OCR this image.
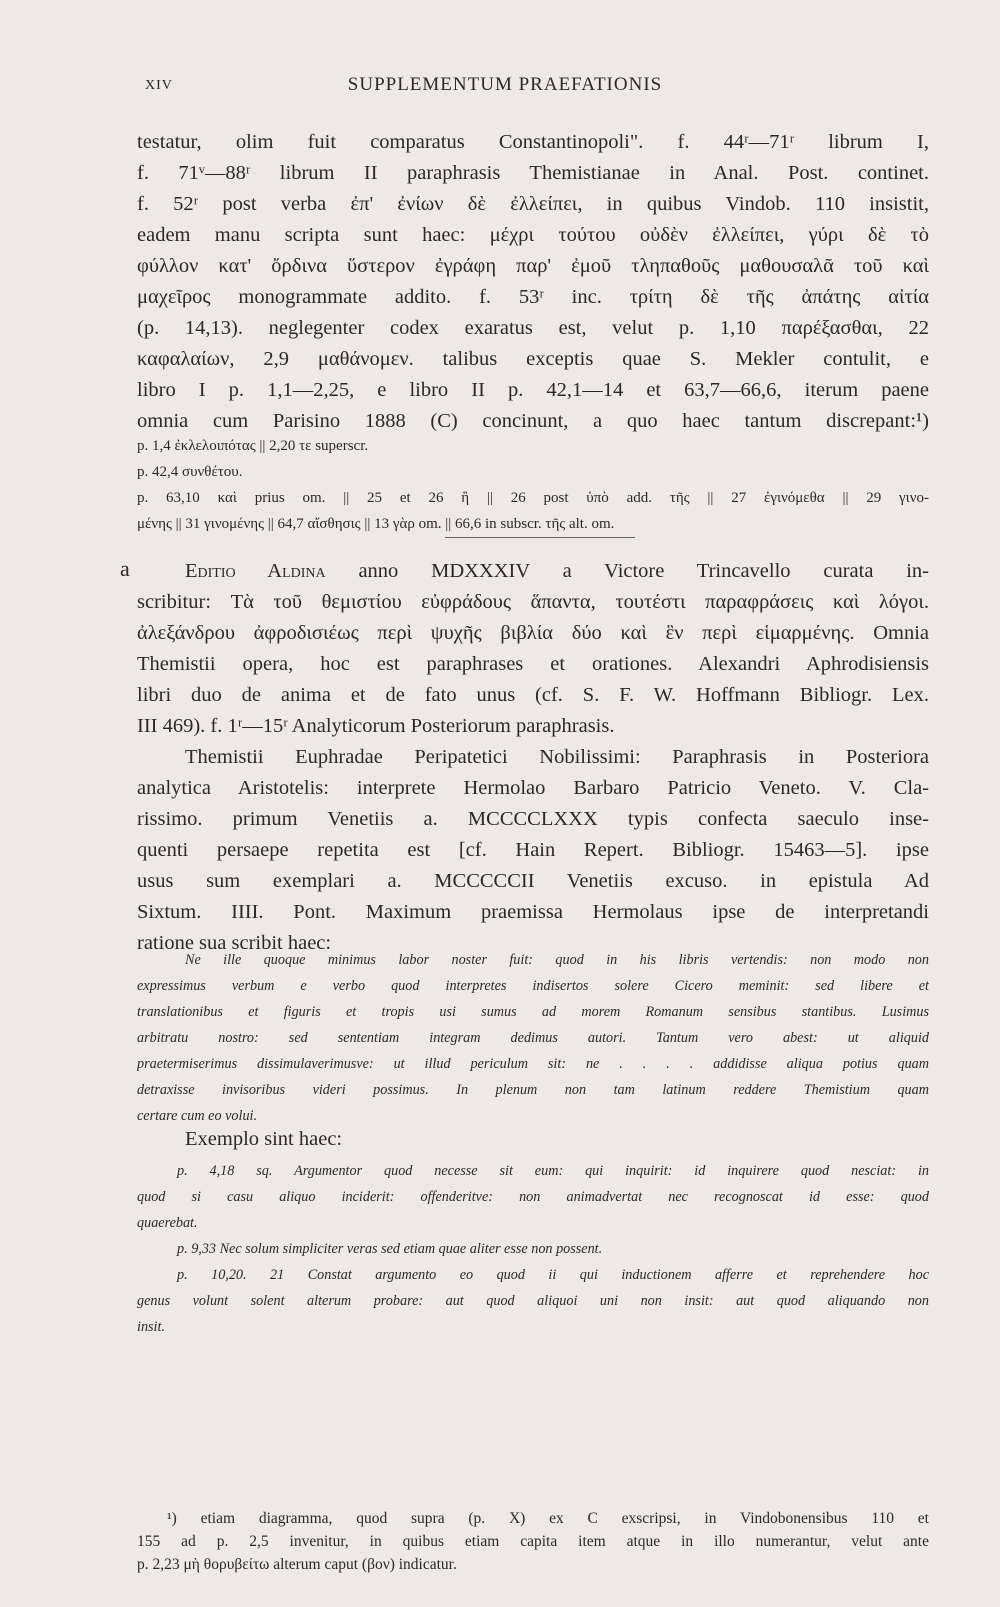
XIV	SUPPLEMENTUM PRAEFATIONIS
testatur, olim fuit comparatus Constantinopoli". f. 44ʳ—71ʳ librum I,
f. 71ᵛ—88ʳ librum II paraphrasis Themistianae in Anal. Post. continet.
f. 52ʳ post verba ἐπ' ἐνίων δὲ ἐλλείπει, in quibus Vindob. 110 insistit,
eadem manu scripta sunt haec: μέχρι τούτου οὐδὲν ἐλλείπει, γύρι δὲ τὸ
φύλλον κατ' ὄρδινα ὕστερον ἐγράφη παρ' ἐμοῦ τληπαθοῦς μαθουσαλᾶ τοῦ καὶ
μαχεῖρος monogrammate addito. f. 53ʳ inc. τρίτη δὲ τῆς ἀπάτης αἰτία
(p. 14,13). neglegenter codex exaratus est, velut p. 1,10 παρέξασθαι, 22
καφαλαίων, 2,9 μαθάνομεν. talibus exceptis quae S. Mekler contulit, e
libro I p. 1,1—2,25, e libro II p. 42,1—14 et 63,7—66,6, iterum paene
omnia cum Parisino 1888 (C) concinunt, a quo haec tantum discrepant:¹)
p. 1,4 ἐκλελοιπότας || 2,20 τε superscr.
p. 42,4 συνθέτου.
p. 63,10 καὶ prius om. || 25 et 26 ἢ || 26 post ὑπὸ add. τῆς || 27 ἐγινόμεθα || 29 γινο-
μένης || 31 γινομένης || 64,7 αἴσθησις || 13 γὰρ om. || 66,6 in subscr. τῆς alt. om.
a	Editio Aldina anno MDXXXIV a Victore Trincavello curata in-
scribitur: Τὰ τοῦ θεμιστίου εὐφράδους ἅπαντα, τουτέστι παραφράσεις καὶ λόγοι.
ἀλεξάνδρου ἀφροδισιέως περὶ ψυχῆς βιβλία δύο καὶ ἓν περὶ εἱμαρμένης. Omnia
Themistii opera, hoc est paraphrases et orationes. Alexandri Aphrodisiensis
libri duo de anima et de fato unus (cf. S. F. W. Hoffmann Bibliogr. Lex.
III 469). f. 1ʳ—15ʳ Analyticorum Posteriorum paraphrasis.
Themistii Euphradae Peripatetici Nobilissimi: Paraphrasis in Posteriora
analytica Aristotelis: interprete Hermolao Barbaro Patricio Veneto. V. Cla-
rissimo. primum Venetiis a. MCCCCLXXX typis confecta saeculo inse-
quenti persaepe repetita est [cf. Hain Repert. Bibliogr. 15463—5]. ipse
usus sum exemplari a. MCCCCCII Venetiis excuso. in epistula Ad
Sixtum. IIII. Pont. Maximum praemissa Hermolaus ipse de interpretandi
ratione sua scribit haec:
Ne ille quoque minimus labor noster fuit: quod in his libris vertendis: non modo non
expressimus verbum e verbo quod interpretes indisertos solere Cicero meminit: sed libere et
translationibus et figuris et tropis usi sumus ad morem Romanum sensibus stantibus. Lusimus
arbitratu nostro: sed sententiam integram dedimus autori. Tantum vero abest: ut aliquid
praetermiserimus dissimulaverimusve: ut illud periculum sit: ne . . . . addidisse aliqua potius quam
detraxisse invisoribus videri possimus. In plenum non tam latinum reddere Themistium quam
certare cum eo volui.
Exemplo sint haec:
p. 4,18 sq. Argumentor quod necesse sit eum: qui inquirit: id inquirere quod nesciat: in
quod si casu aliquo inciderit: offenderitve: non animadvertat nec recognoscat id esse: quod
quaerebat.
p. 9,33 Nec solum simpliciter veras sed etiam quae aliter esse non possent.
p. 10,20. 21 Constat argumento eo quod ii qui inductionem afferre et reprehendere hoc
genus volunt solent alterum probare: aut quod aliquoi uni non insit: aut quod aliquando non
insit.
¹) etiam diagramma, quod supra (p. X) ex C exscripsi, in Vindobonensibus 110 et
155 ad p. 2,5 invenitur, in quibus etiam capita item atque in illo numerantur, velut ante
p. 2,23 μὴ θορυβείτω alterum caput (βον) indicatur.
